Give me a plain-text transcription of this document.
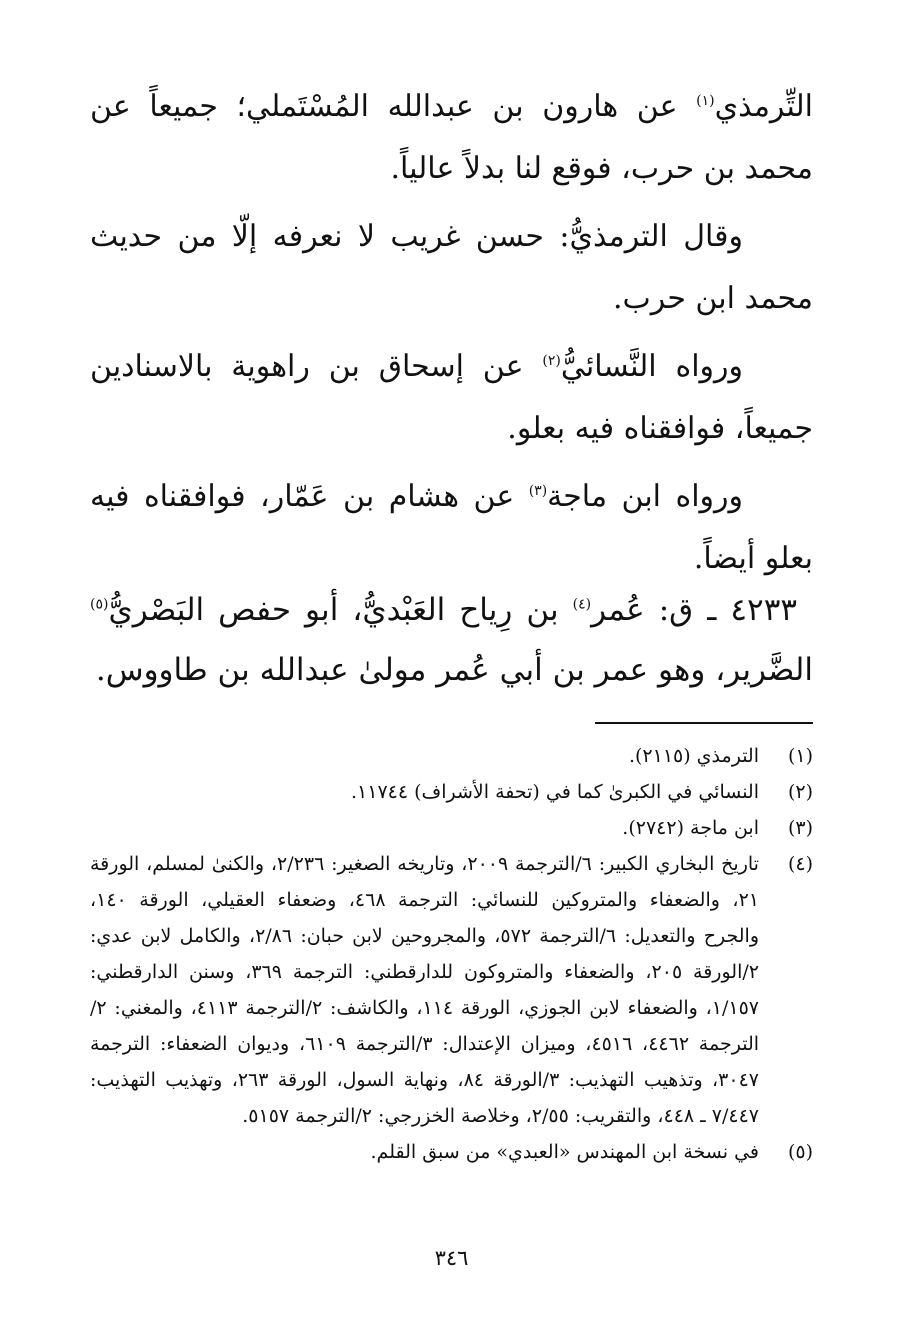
التِّرمذي$^{(١)}$ عن هارون بن عبدالله المُسْتَملي؛ جميعاً عن محمد بن حرب، فوقع لنا بدلاً عالياً.

وقال الترمذيُّ: حسن غريب لا نعرفه إلّا من حديث محمد ابن حرب.

ورواه النَّسائيُّ$^{(٢)}$ عن إسحاق بن راهوية بالاسنادين جميعاً، فوافقناه فيه بعلو.

ورواه ابن ماجة$^{(٣)}$ عن هشام بن عَمّار، فوافقناه فيه بعلو أيضاً.

٤٢٣٣ ـ ق: عُمر$^{(٤)}$ بن رِياح العَبْديُّ، أبو حفص البَصْريُّ$^{(٥)}$ الضَّرير، وهو عمر بن أبي عُمر مولىٰ عبدالله بن طاووس.

(١)
الترمذي (٢١١٥).
(٢)
النسائي في الكبرىٰ كما في (تحفة الأشراف) ١١٧٤٤.
(٣)
ابن ماجة (٢٧٤٢).
(٤)
تاريخ البخاري الكبير: ٦/الترجمة ٢٠٠٩، وتاريخه الصغير: ٢/٢٣٦، والكنىٰ لمسلم، الورقة ٢١، والضعفاء والمتروكين للنسائي: الترجمة ٤٦٨، وضعفاء العقيلي، الورقة ١٤٠، والجرح والتعديل: ٦/الترجمة ٥٧٢، والمجروحين لابن حبان: ٢/٨٦، والكامل لابن عدي: ٢/الورقة ٢٠٥، والضعفاء والمتروكون للدارقطني: الترجمة ٣٦٩، وسنن الدارقطني: ١/١٥٧، والضعفاء لابن الجوزي، الورقة ١١٤، والكاشف: ٢/الترجمة ٤١١٣، والمغني: ٢/الترجمة ٤٤٦٢، ٤٥١٦، وميزان الإعتدال: ٣/الترجمة ٦١٠٩، وديوان الضعفاء: الترجمة ٣٠٤٧، وتذهيب التهذيب: ٣/الورقة ٨٤، ونهاية السول، الورقة ٢٦٣، وتهذيب التهذيب: ٧/٤٤٧ ـ ٤٤٨، والتقريب: ٢/٥٥، وخلاصة الخزرجي: ٢/الترجمة ٥١٥٧.
(٥)
في نسخة ابن المهندس «العبدي» من سبق القلم.

٣٤٦
